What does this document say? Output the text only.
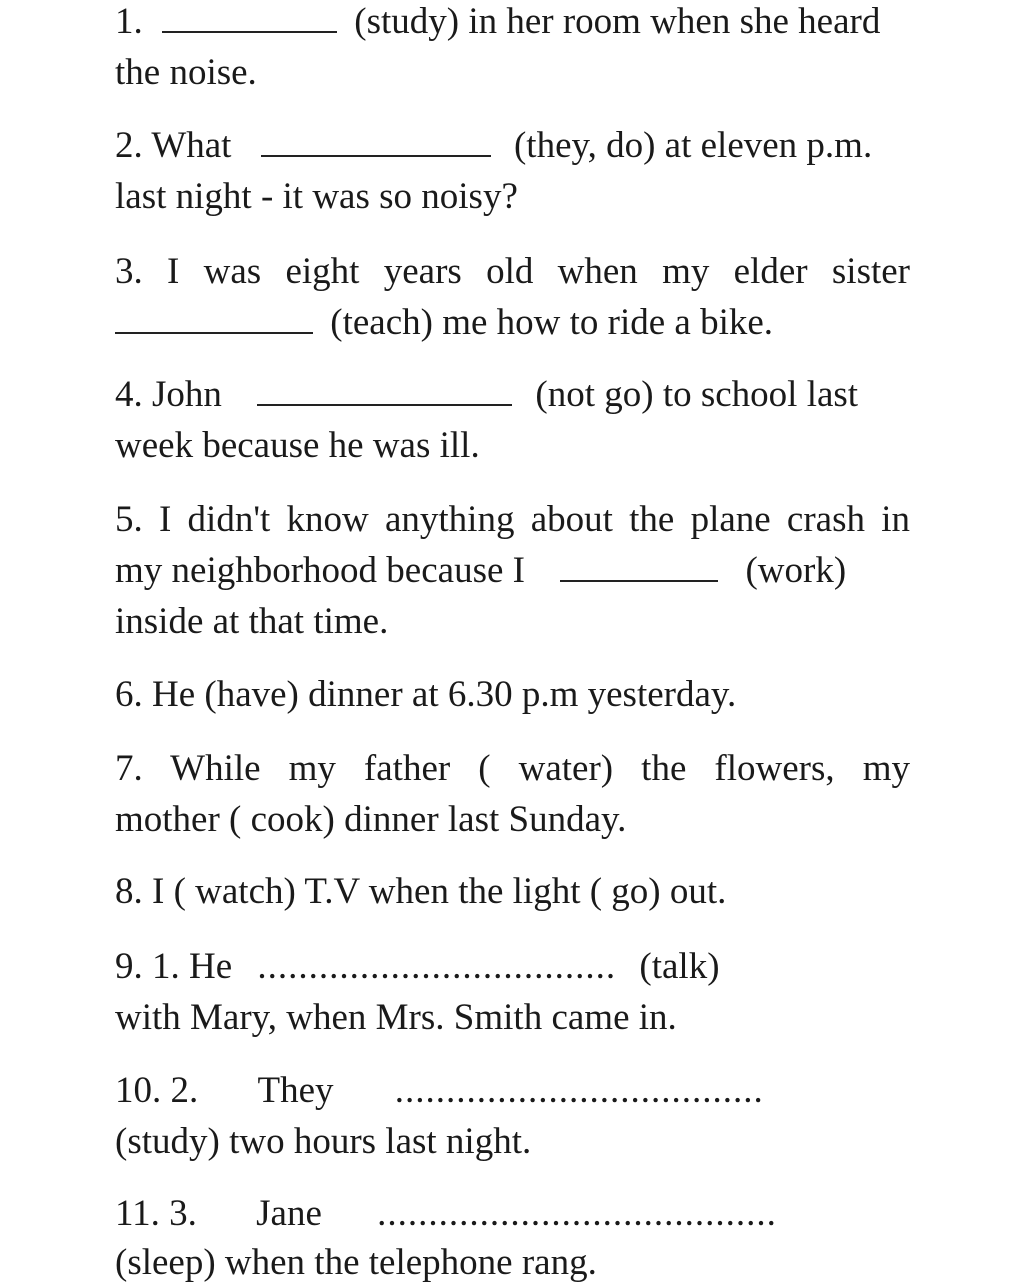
1.	(study) in her room when she heard
the noise.
2. What	(they, do) at eleven p.m.
last night - it was so noisy?
3. I was eight years old when my elder sister
(teach) me how to ride a bike.
4. John	(not go) to school last
week because he was ill.
5. I didn't know anything about the plane crash in
my neighborhood because I	(work)
inside at that time.
6. He (have) dinner at 6.30 p.m yesterday.
7. While my father ( water) the flowers, my
mother ( cook) dinner last Sunday.
8. I ( watch) T.V when the light ( go) out.
9. 1. He ................................... (talk)
with Mary, when Mrs. Smith came in.
10. 2. They ....................................
(study) two hours last night.
11. 3. Jane .......................................
(sleep) when the telephone rang.
